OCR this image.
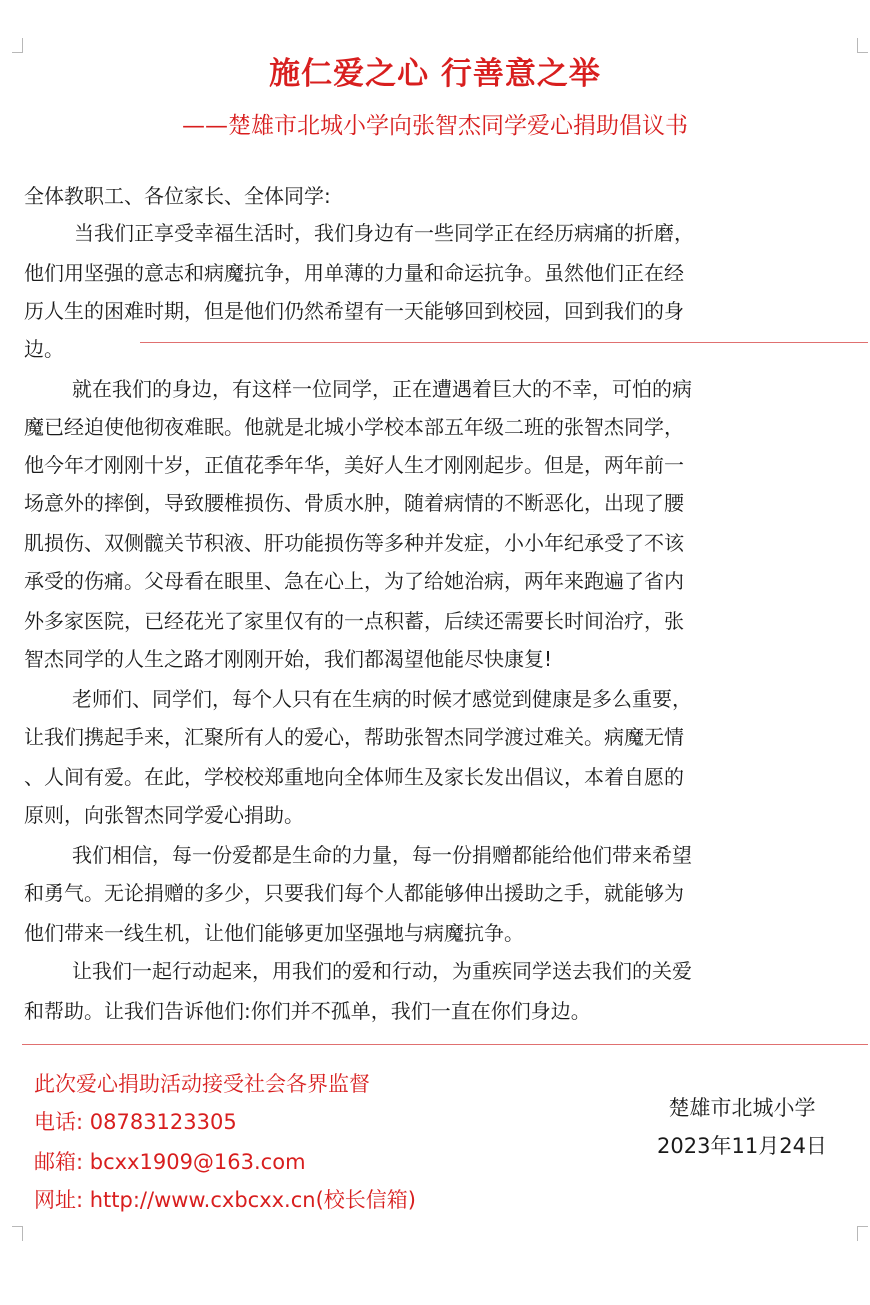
施仁爱之心 行善意之举
——楚雄市北城小学向张智杰同学爱心捐助倡议书
全体教职工、各位家长、全体同学:
当我们正享受幸福生活时，我们身边有一些同学正在经历病痛的折磨，
他们用坚强的意志和病魔抗争，用单薄的力量和命运抗争。虽然他们正在经
历人生的困难时期，但是他们仍然希望有一天能够回到校园，回到我们的身
边。
就在我们的身边，有这样一位同学，正在遭遇着巨大的不幸，可怕的病
魔已经迫使他彻夜难眠。他就是北城小学校本部五年级二班的张智杰同学，
他今年才刚刚十岁，正值花季年华，美好人生才刚刚起步。但是，两年前一
场意外的摔倒，导致腰椎损伤、骨质水肿，随着病情的不断恶化，出现了腰
肌损伤、双侧髋关节积液、肝功能损伤等多种并发症，小小年纪承受了不该
承受的伤痛。父母看在眼里、急在心上，为了给她治病，两年来跑遍了省内
外多家医院，已经花光了家里仅有的一点积蓄，后续还需要长时间治疗，张
智杰同学的人生之路才刚刚开始，我们都渴望他能尽快康复!
老师们、同学们，每个人只有在生病的时候才感觉到健康是多么重要，
让我们携起手来，汇聚所有人的爱心，帮助张智杰同学渡过难关。病魔无情
、人间有爱。在此，学校校郑重地向全体师生及家长发出倡议，本着自愿的
原则，向张智杰同学爱心捐助。
我们相信，每一份爱都是生命的力量，每一份捐赠都能给他们带来希望
和勇气。无论捐赠的多少，只要我们每个人都能够伸出援助之手，就能够为
他们带来一线生机，让他们能够更加坚强地与病魔抗争。
让我们一起行动起来，用我们的爱和行动，为重疾同学送去我们的关爱
和帮助。让我们告诉他们:你们并不孤单，我们一直在你们身边。
此次爱心捐助活动接受社会各界监督
电话: 08783123305
邮箱: bcxx1909@163.com
网址: http://www.cxbcxx.cn(校长信箱)
楚雄市北城小学
2023年11月24日
